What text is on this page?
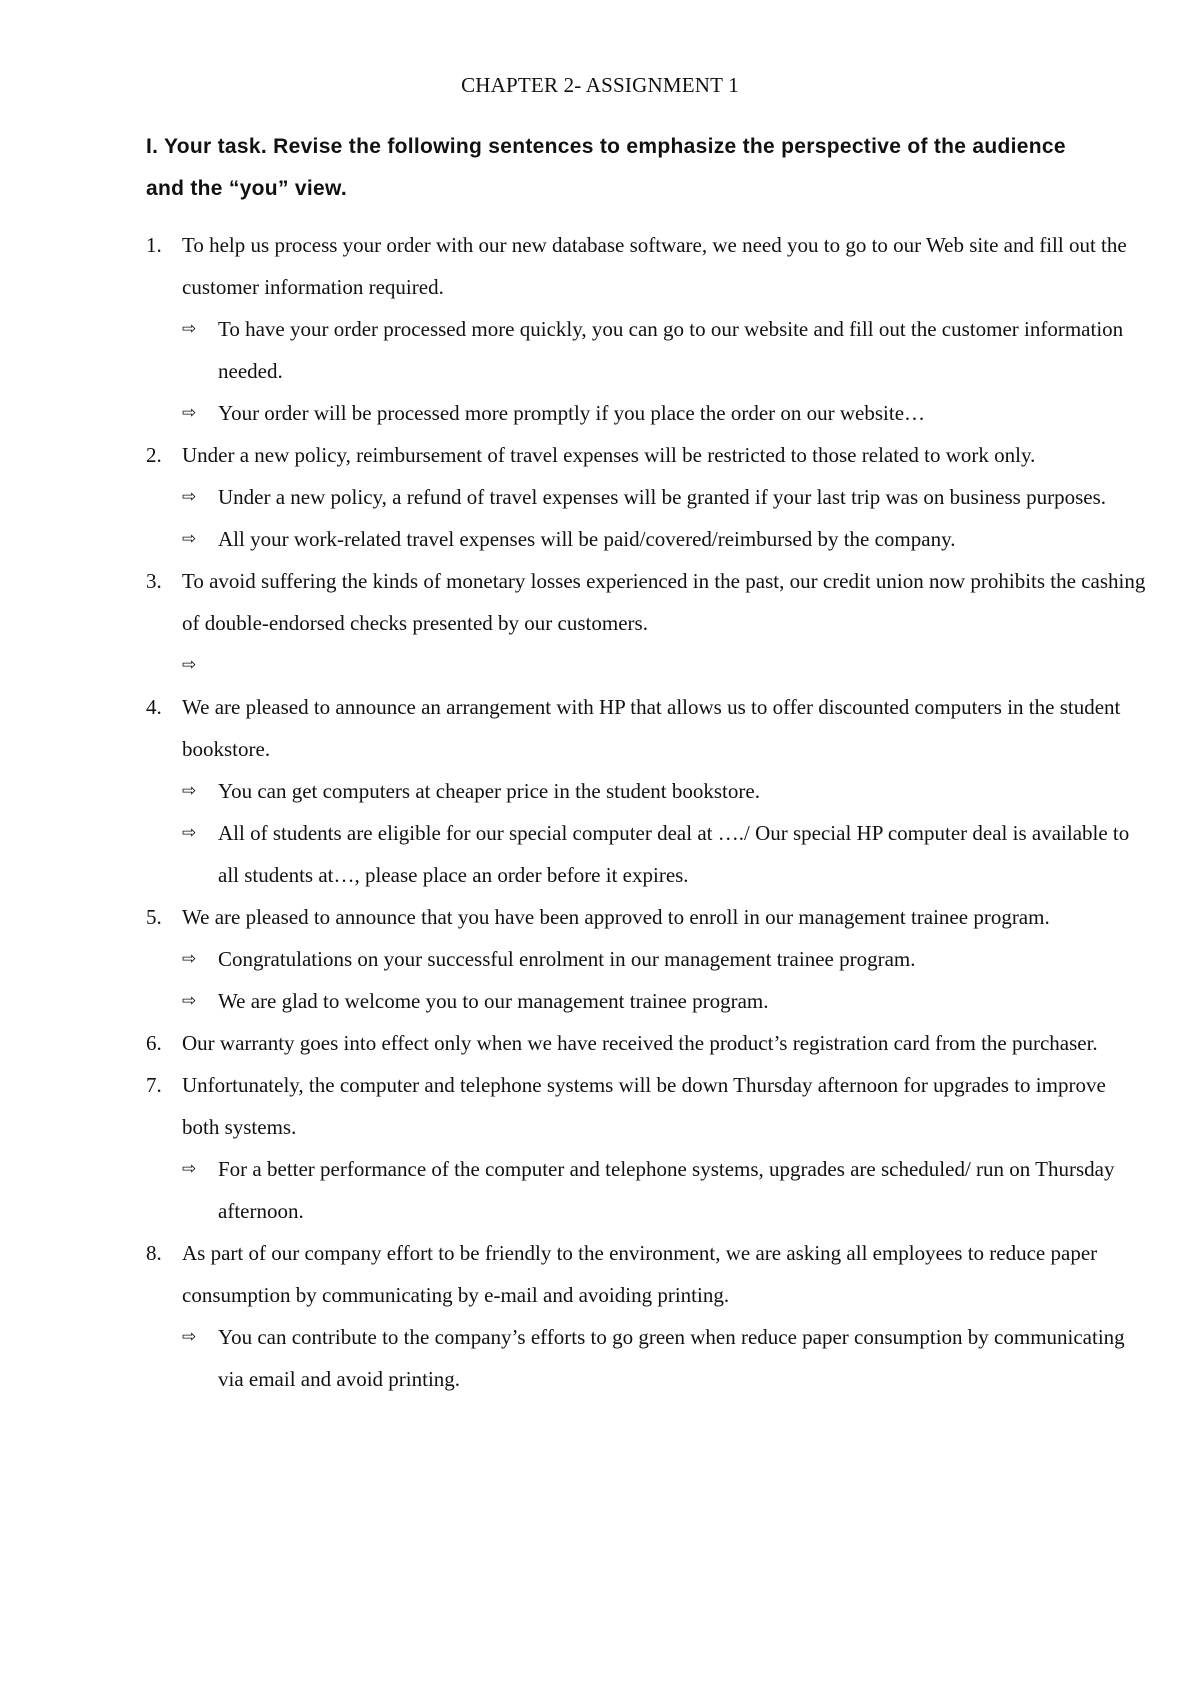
CHAPTER 2- ASSIGNMENT 1
I. Your task. Revise the following sentences to emphasize the perspective of the audience and the “you” view.
1. To help us process your order with our new database software, we need you to go to our Web site and fill out the customer information required.
⇨ To have your order processed more quickly, you can go to our website and fill out the customer information needed.
⇨ Your order will be processed more promptly if you place the order on our website…
2. Under a new policy, reimbursement of travel expenses will be restricted to those related to work only.
⇨ Under a new policy, a refund of travel expenses will be granted if your last trip was on business purposes.
⇨ All your work-related travel expenses will be paid/covered/reimbursed by the company.
3. To avoid suffering the kinds of monetary losses experienced in the past, our credit union now prohibits the cashing of double-endorsed checks presented by our customers.
⇨
4. We are pleased to announce an arrangement with HP that allows us to offer discounted computers in the student bookstore.
⇨ You can get computers at cheaper price in the student bookstore.
⇨ All of students are eligible for our special computer deal at …./ Our special HP computer deal is available to all students at…, please place an order before it expires.
5. We are pleased to announce that you have been approved to enroll in our management trainee program.
⇨ Congratulations on your successful enrolment in our management trainee program.
⇨ We are glad to welcome you to our management trainee program.
6. Our warranty goes into effect only when we have received the product’s registration card from the purchaser.
7. Unfortunately, the computer and telephone systems will be down Thursday afternoon for upgrades to improve both systems.
⇨ For a better performance of the computer and telephone systems, upgrades are scheduled/ run on Thursday afternoon.
8. As part of our company effort to be friendly to the environment, we are asking all employees to reduce paper consumption by communicating by e-mail and avoiding printing.
⇨ You can contribute to the company’s efforts to go green when reduce paper consumption by communicating via email and avoid printing.
